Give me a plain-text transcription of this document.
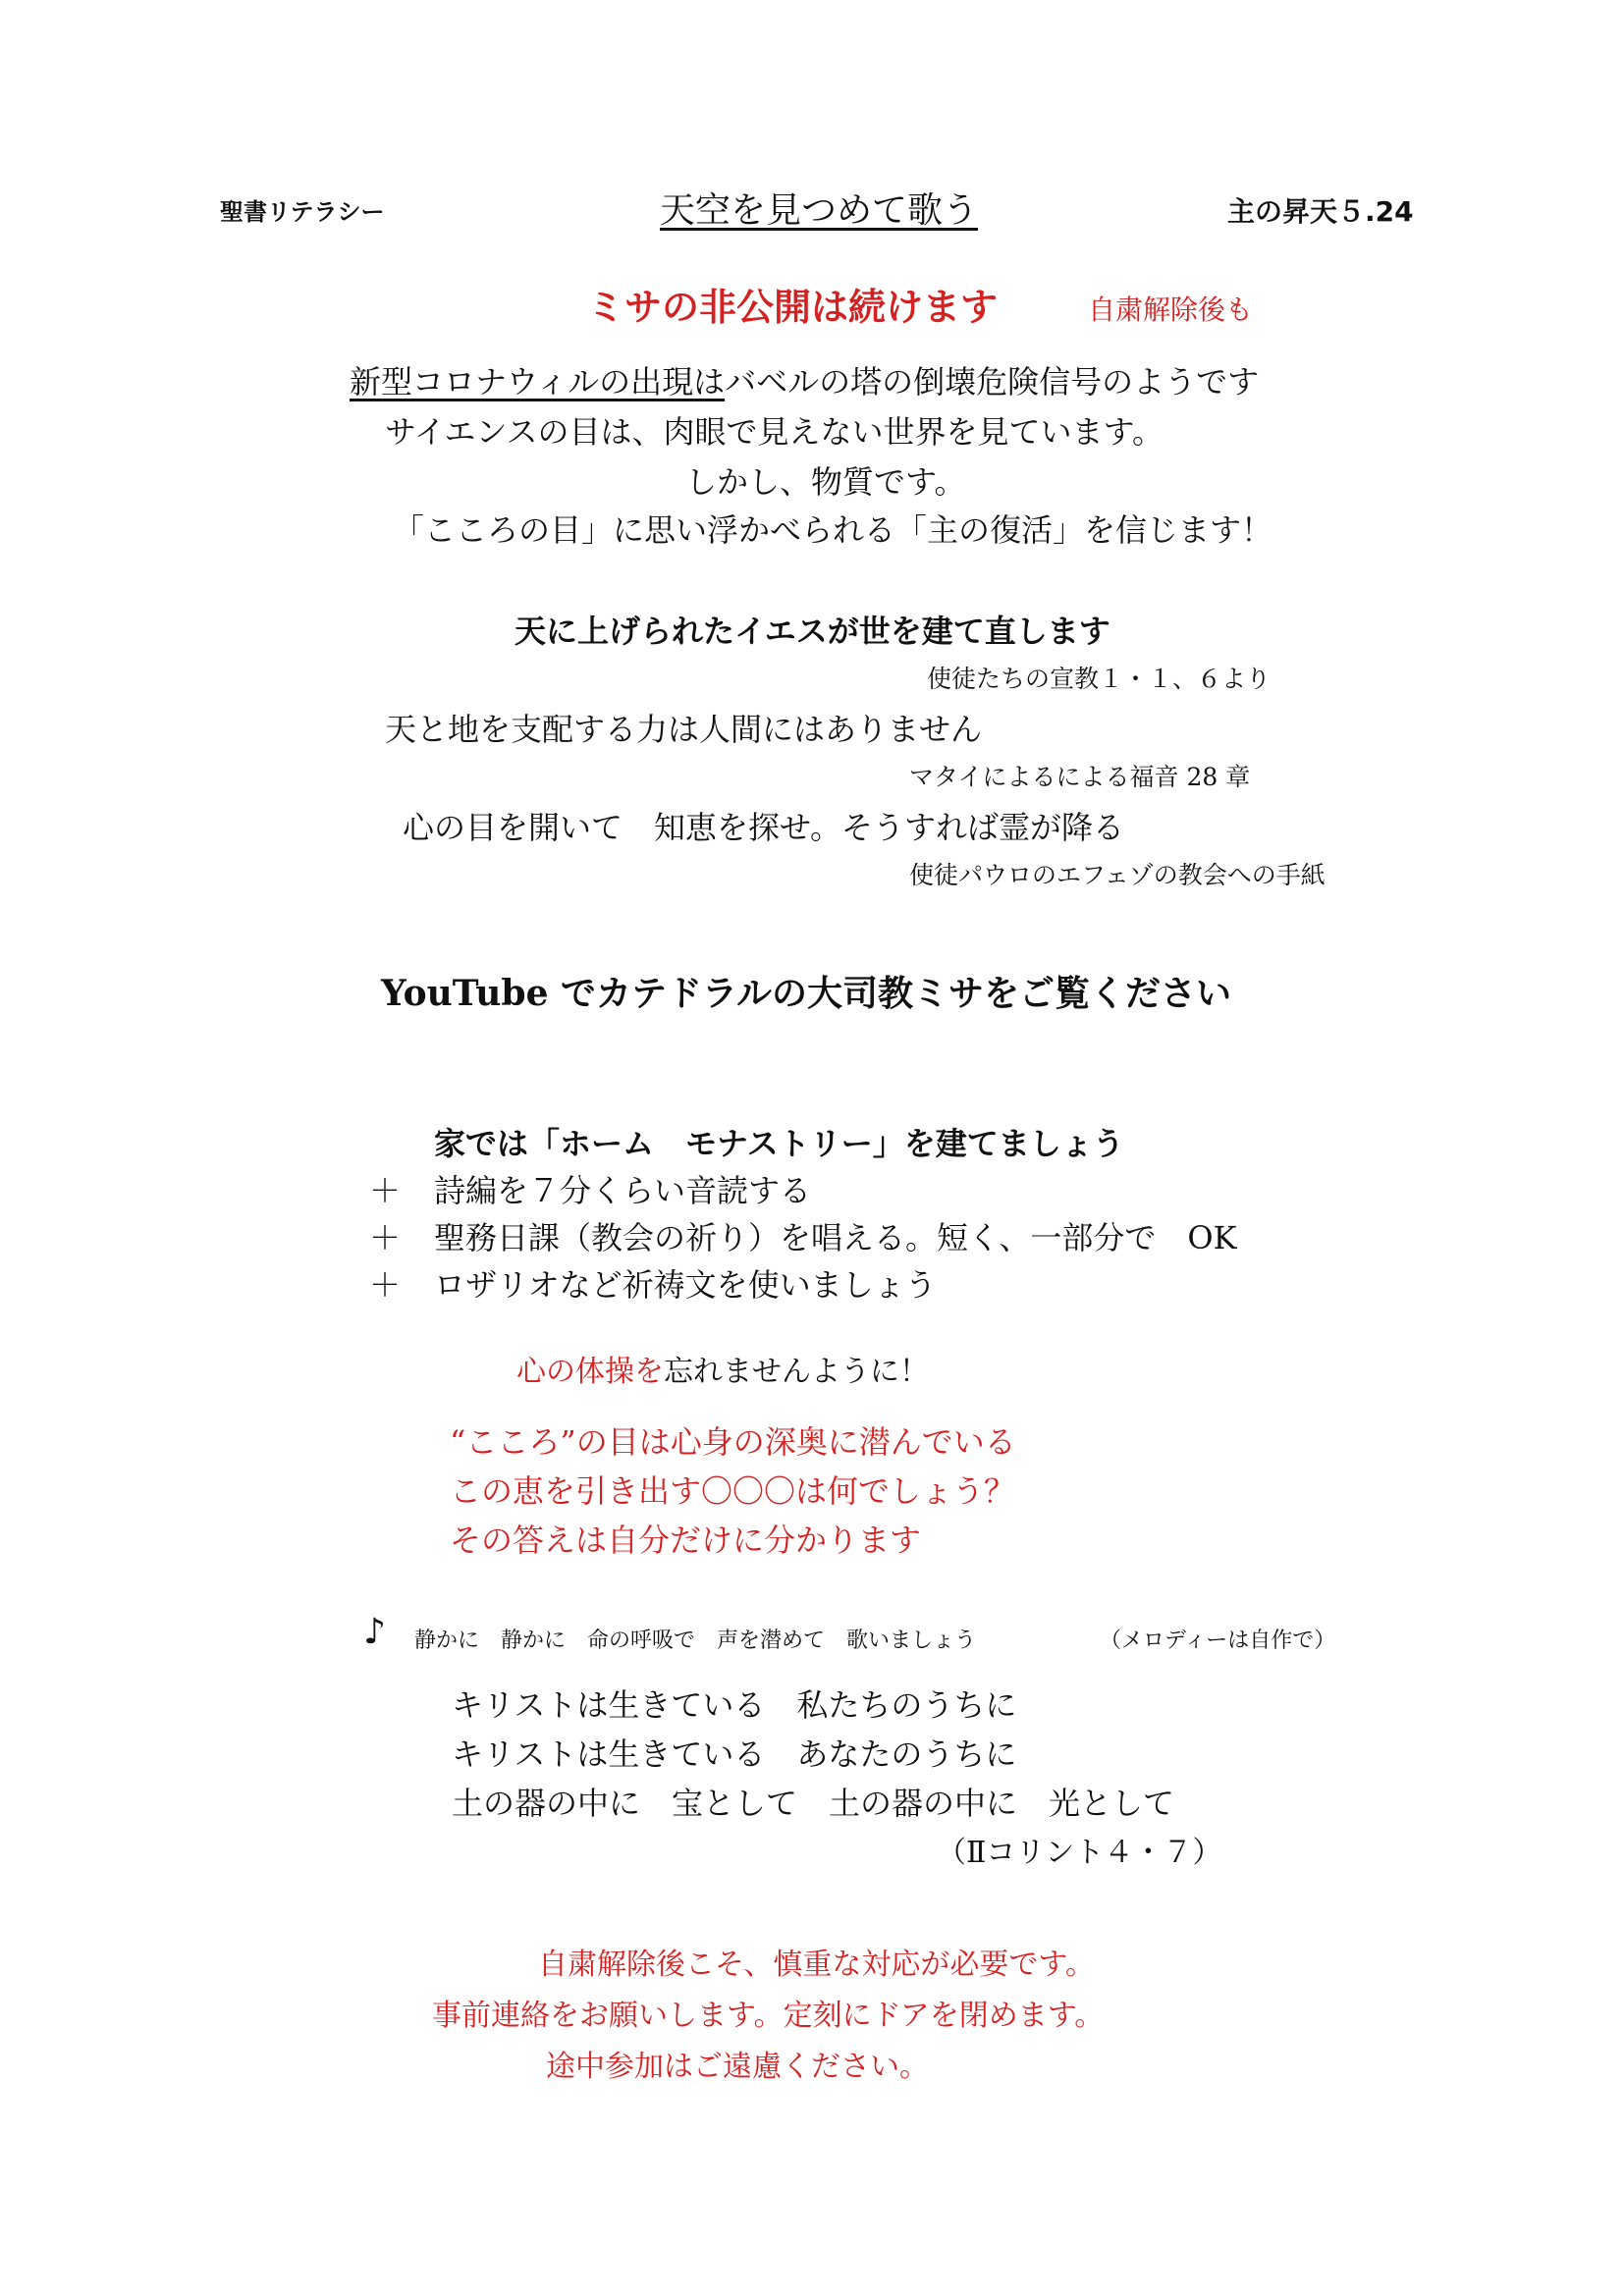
聖書リテラシー	天空を見つめて歌う	主の昇天５.24
ミサの非公開は続けます	自粛解除後も
新型コロナウィルの出現はバベルの塔の倒壊危険信号のようです
サイエンスの目は、肉眼で見えない世界を見ています。
しかし、物質です。
「こころの目」に思い浮かべられる「主の復活」を信じます！
天に上げられたイエスが世を建て直します
使徒たちの宣教１・１、６より
天と地を支配する力は人間にはありません
マタイによるによる福音 28 章
心の目を開いて　知恵を探せ。そうすれば霊が降る
使徒パウロのエフェゾの教会への手紙
YouTube でカテドラルの大司教ミサをご覧ください
家では「ホーム　モナストリー」を建てましょう
＋ 詩編を７分くらい音読する
＋ 聖務日課（教会の祈り）を唱える。短く、一部分で　OK
＋ ロザリオなど祈祷文を使いましょう
心の体操を忘れませんように！
“こころ”の目は心身の深奥に潜んでいる
この恵を引き出す〇〇〇は何でしょう？
その答えは自分だけに分かります
♪ 静かに　静かに　命の呼吸で　声を潜めて　歌いましょう	（メロディーは自作で）
キリストは生きている　私たちのうちに
キリストは生きている　あなたのうちに
土の器の中に　宝として　土の器の中に　光として
（Ⅱコリント４・７）
自粛解除後こそ、慎重な対応が必要です。
事前連絡をお願いします。定刻にドアを閉めます。
途中参加はご遠慮ください。
